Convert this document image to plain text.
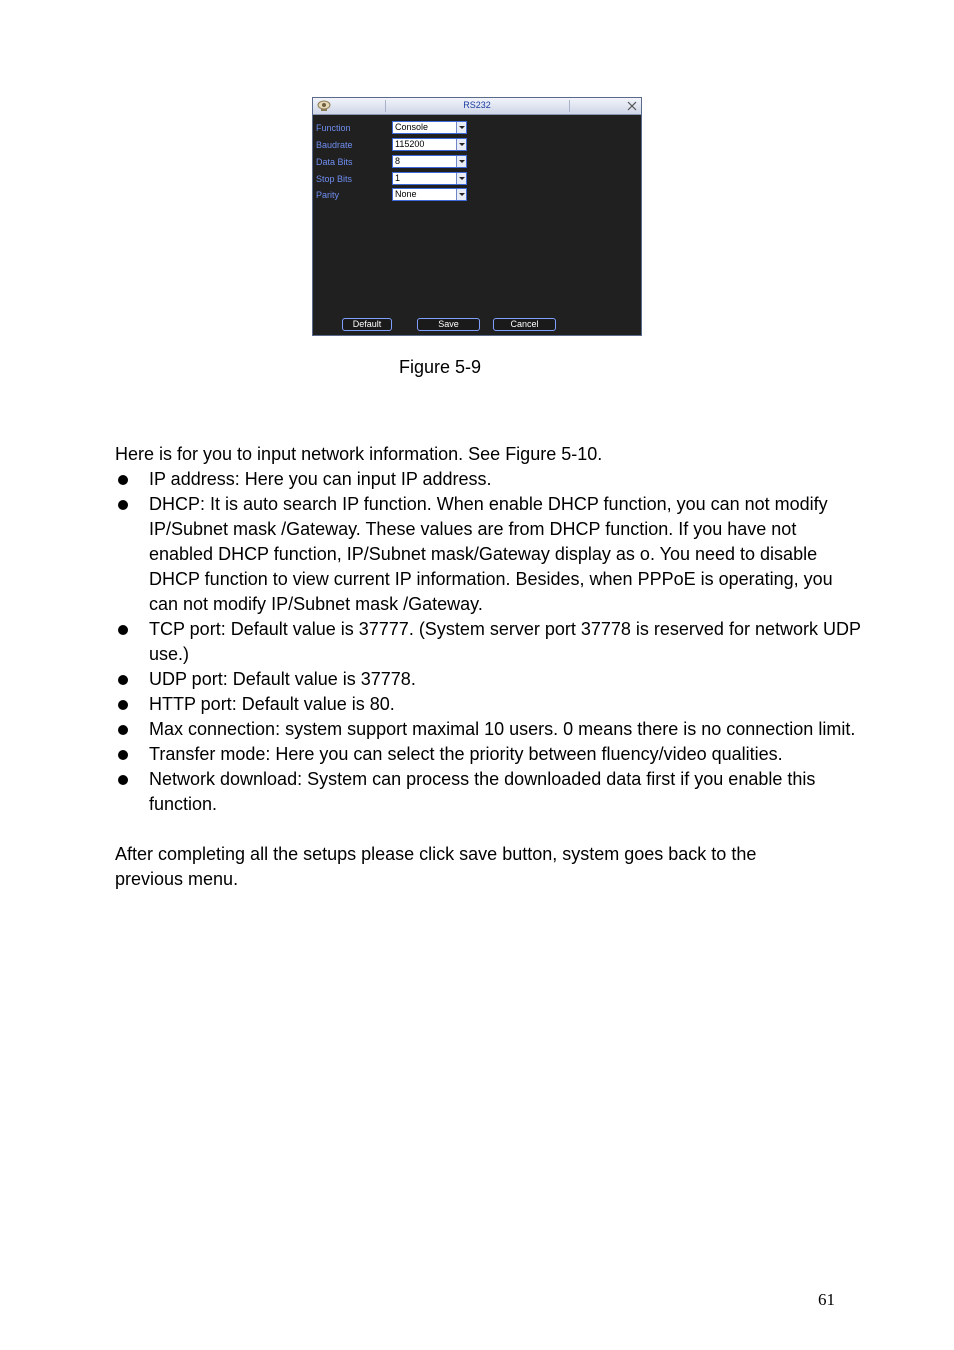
RS232
Function	Console
Baudrate	115200
Data Bits	8
Stop Bits	1
Parity	None
Default	Save	Cancel
Figure 5-9

Here is for you to input network information. See Figure 5-10.

IP address: Here you can input IP address.
DHCP: It is auto search IP function. When enable DHCP function, you can not modify IP/Subnet mask /Gateway. These values are from DHCP function. If you have not enabled DHCP function, IP/Subnet mask/Gateway display as o. You need to disable DHCP function to view current IP information. Besides, when PPPoE is operating, you can not modify IP/Subnet mask /Gateway.
TCP port: Default value is 37777. (System server port 37778 is reserved for network UDP use.)
UDP port: Default value is 37778.
HTTP port: Default value is 80.
Max connection: system support maximal 10 users. 0 means there is no connection limit.
Transfer mode: Here you can select the priority between fluency/video qualities.
Network download: System can process the downloaded data first if you enable this function.

After completing all the setups please click save button, system goes back to the previous menu.

61
